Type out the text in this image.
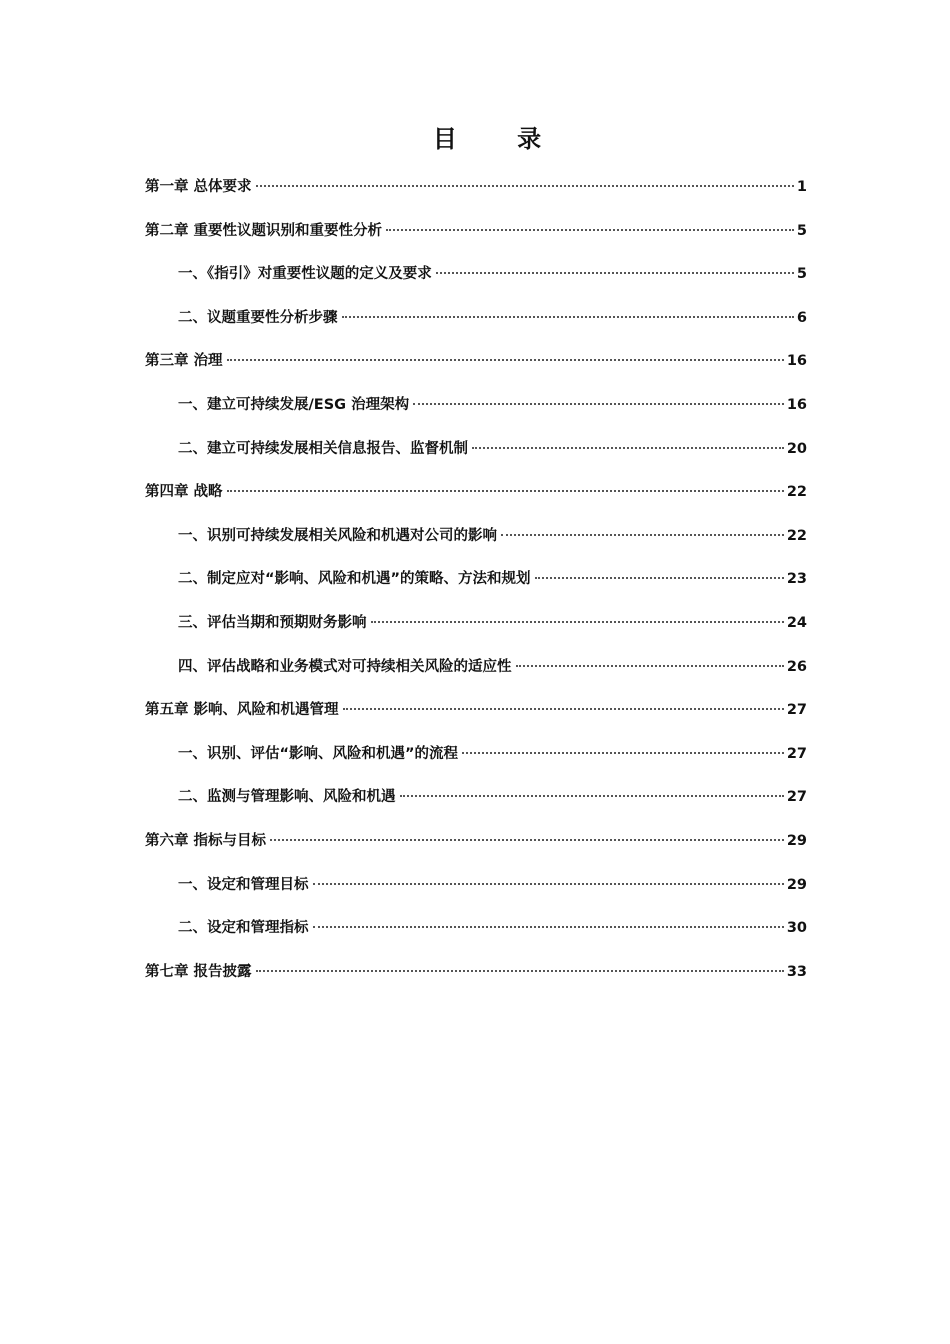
目 录
第一章 总体要求	1
第二章 重要性议题识别和重要性分析	5
一、《指引》对重要性议题的定义及要求	5
二、议题重要性分析步骤	6
第三章 治理	16
一、建立可持续发展/ESG 治理架构	16
二、建立可持续发展相关信息报告、监督机制	20
第四章 战略	22
一、识别可持续发展相关风险和机遇对公司的影响	22
二、制定应对“影响、风险和机遇”的策略、方法和规划	23
三、评估当期和预期财务影响	24
四、评估战略和业务模式对可持续相关风险的适应性	26
第五章 影响、风险和机遇管理	27
一、识别、评估“影响、风险和机遇”的流程	27
二、监测与管理影响、风险和机遇	27
第六章 指标与目标	29
一、设定和管理目标	29
二、设定和管理指标	30
第七章 报告披露	33
